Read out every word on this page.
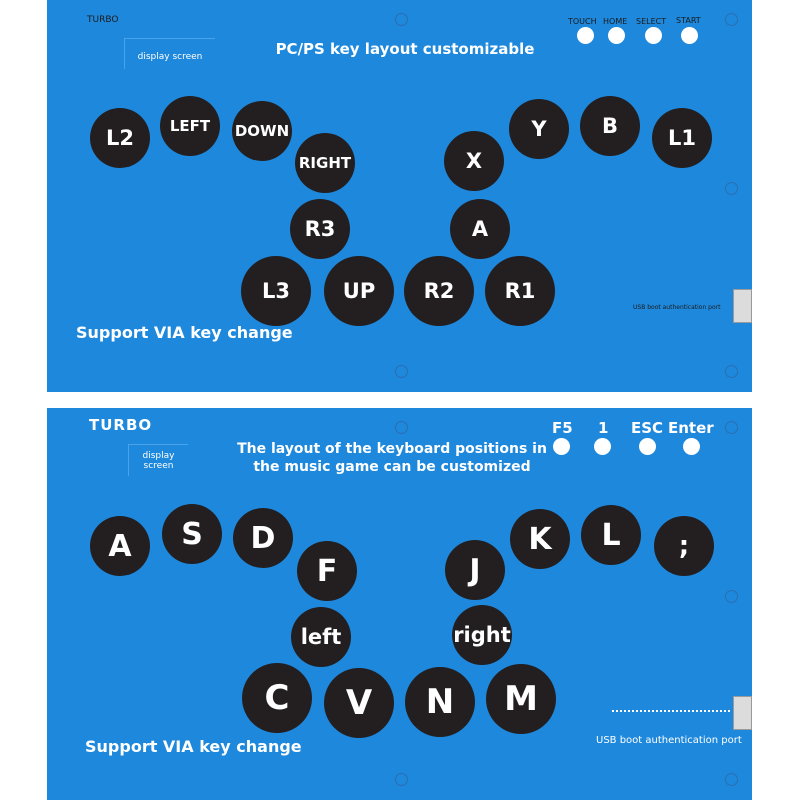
TURBO
display screen	PC/PS key layout customizable
TOUCH HOME SELECT START
L2	LEFT	DOWN
RIGHT	X
Y	B	L1
R3	A
L3	UP	R2	R1
USB boot authentication port
Support VIA key change
TURBO
display screen
The layout of the keyboard positions in
the music game can be customized
F5 1 ESC Enter
A	S	D
F	J
K	L	;
left	right
C	V	N	M
USB boot authentication port
Support VIA key change
